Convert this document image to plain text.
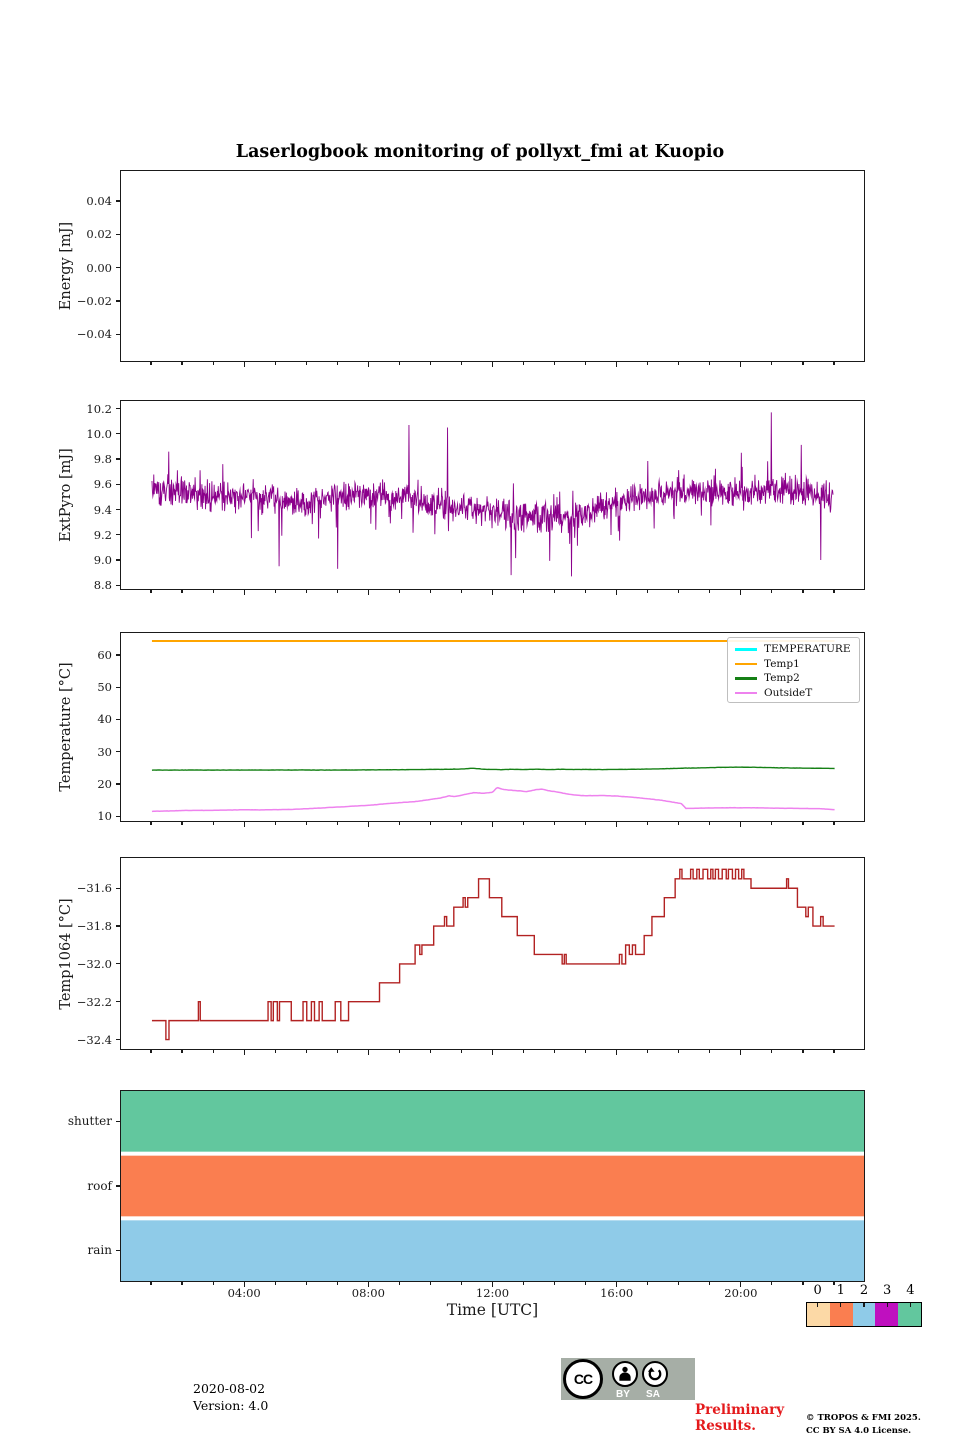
Laserlogbook monitoring of pollyxt_fmi at Kuopio
Energy [mJ]
ExtPyro [mJ]
Temperature [°C]
Temp1064 [°C]
TEMPERATURE
Temp1
Temp2
OutsideT
Time [UTC]
2020-08-02
Version: 4.0
CC
BY	SA
Preliminary
Results.	© TROPOS & FMI 2025.
CC BY SA 4.0 License.
0.04
0.02
0.00
−0.02
−0.04
10.2
10.0
9.8
9.6
9.4
9.2
9.0
8.8
60
50
40
30
20
10
−31.6
−31.8
−32.0
−32.2
−32.4
shutter
roof
rain
04:00	08:00	12:00	16:00	20:00	0	1	2	3	4
